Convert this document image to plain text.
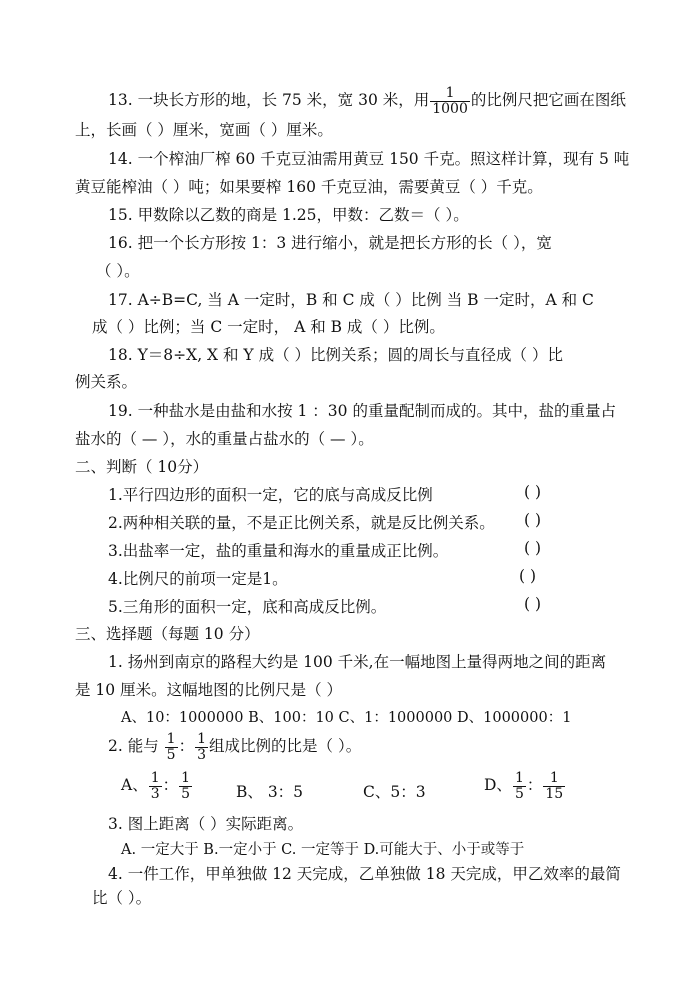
13. 一块长方形的地，长 75 米，宽 30 米，用 $\frac{1}{1000}$ 的比例尺把它画在图纸
上，长画（ ）厘米，宽画（ ）厘米。
14. 一个榨油厂榨 60 千克豆油需用黄豆 150 千克。照这样计算，现有 5 吨
黄豆能榨油（ ）吨；如果要榨 160 千克豆油，需要黄豆（ ）千克。
15. 甲数除以乙数的商是 1.25，甲数：乙数＝（ ）。
16. 把一个长方形按 1：3 进行缩小，就是把长方形的长（ ），宽
（ ）。
17. A÷B=C, 当 A 一定时，B 和 C 成（ ）比例 当 B 一定时，A 和 C
成（ ）比例；当 C 一定时， A 和 B 成（ ）比例。
18. Y＝8÷X, X 和 Y 成（ ）比例关系；圆的周长与直径成（ ）比
例关系。
19. 一种盐水是由盐和水按 1 ：30 的重量配制而成的。其中，盐的重量占
盐水的（ — ），水的重量占盐水的（ — ）。
二、判断（ 10分）
1.平行四边形的面积一定，它的底与高成反比例	( )
2.两种相关联的量，不是正比例关系，就是反比例关系。 ( )
3.出盐率一定，盐的重量和海水的重量成正比例。	( )
4.比例尺的前项一定是1。	( )
5.三角形的面积一定，底和高成反比例。	( )
三、选择题（每题 10 分）
1. 扬州到南京的路程大约是 100 千米,在一幅地图上量得两地之间的距离
是 10 厘米。这幅地图的比例尺是（ ）
A、10：1000000 B、100：10 C、1：1000000 D、1000000：1
2. 能与 $\frac{1}{5}$ ： $\frac{1}{3}$ 组成比例的比是（ ）。
A、 $\frac{1}{3}$ ： $\frac{1}{5}$	B、 3：5	C、5：3	D、 $\frac{1}{5}$ ： $\frac{1}{15}$
3. 图上距离（ ）实际距离。
A. 一定大于 B.一定小于 C. 一定等于 D.可能大于、小于或等于
4. 一件工作，甲单独做 12 天完成，乙单独做 18 天完成，甲乙效率的最简
比（ ）。
